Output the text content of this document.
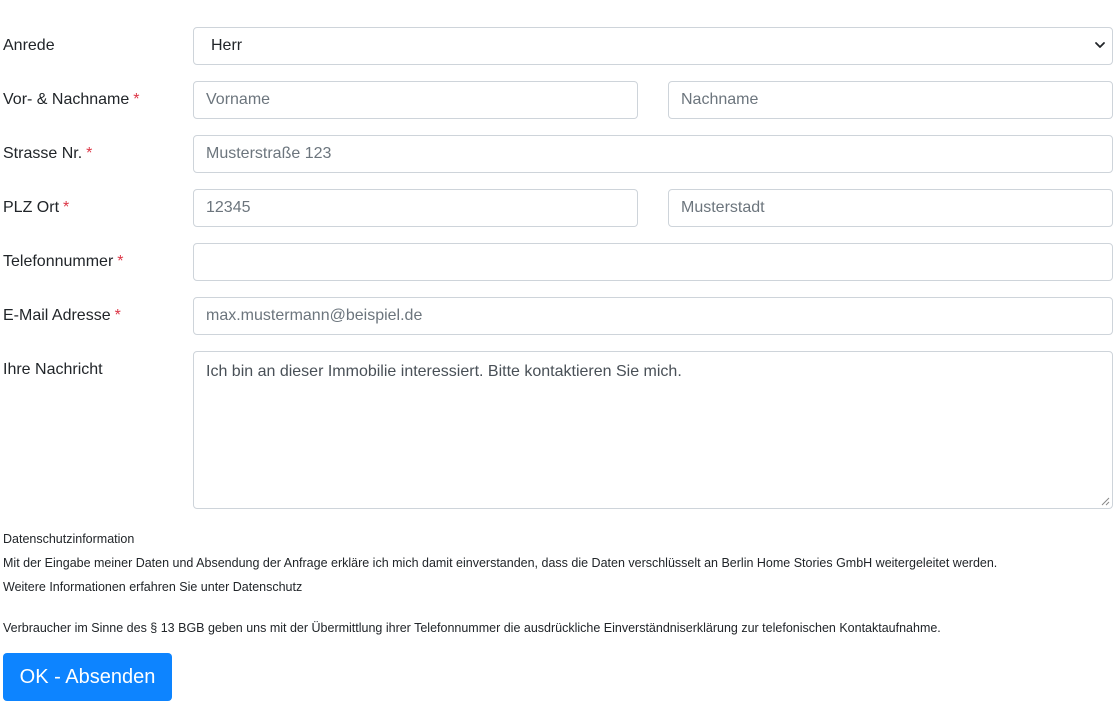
Anrede	Herr
Vor- & Nachname *	Vorname	Nachname
Strasse Nr. *	Musterstraße 123
PLZ Ort *	12345	Musterstadt
Telefonnummer *
E-Mail Adresse *	max.mustermann@beispiel.de
Ihre Nachricht	Ich bin an dieser Immobilie interessiert. Bitte kontaktieren Sie mich.
Datenschutzinformation
Mit der Eingabe meiner Daten und Absendung der Anfrage erkläre ich mich damit einverstanden, dass die Daten verschlüsselt an Berlin Home Stories GmbH weitergeleitet werden.
Weitere Informationen erfahren Sie unter Datenschutz
Verbraucher im Sinne des § 13 BGB geben uns mit der Übermittlung ihrer Telefonnummer die ausdrückliche Einverständniserklärung zur telefonischen Kontaktaufnahme.
OK - Absenden
